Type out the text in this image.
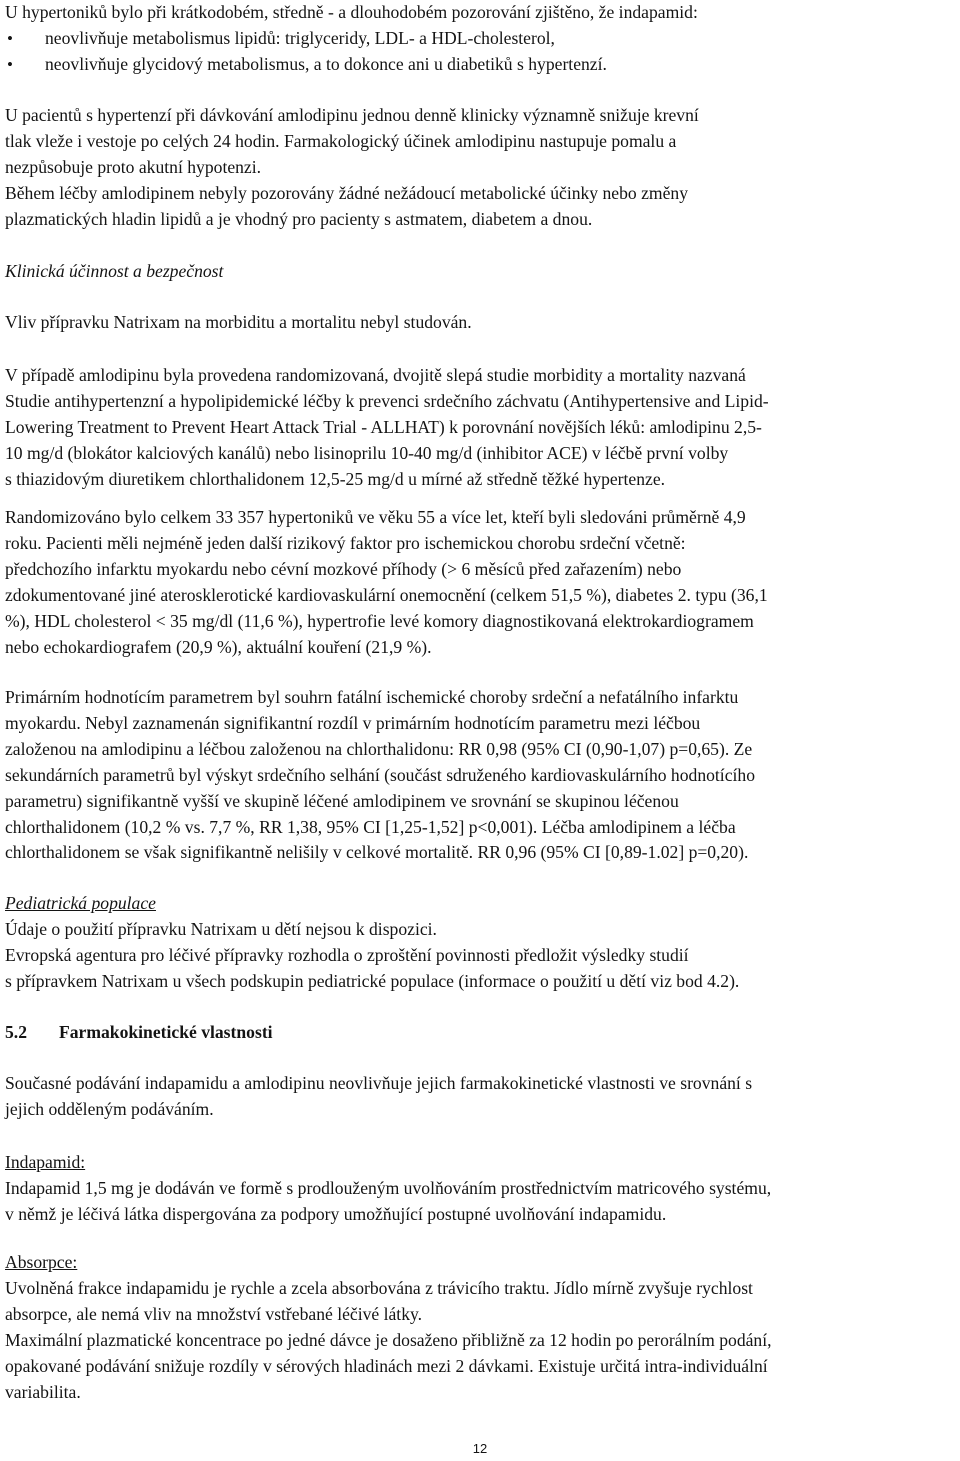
U hypertoniků bylo při krátkodobém, středně - a dlouhodobém pozorování zjištěno, že indapamid:
• neovlivňuje metabolismus lipidů: triglyceridy, LDL- a HDL-cholesterol,
• neovlivňuje glycidový metabolismus, a to dokonce ani u diabetiků s hypertenzí.
U pacientů s hypertenzí při dávkování amlodipinu jednou denně klinicky významně snižuje krevní
tlak vleže i vestoje po celých 24 hodin. Farmakologický účinek amlodipinu nastupuje pomalu a
nezpůsobuje proto akutní hypotenzi.
Během léčby amlodipinem nebyly pozorovány žádné nežádoucí metabolické účinky nebo změny
plazmatických hladin lipidů a je vhodný pro pacienty s astmatem, diabetem a dnou.
Klinická účinnost a bezpečnost
Vliv přípravku Natrixam na morbiditu a mortalitu nebyl studován.
V případě amlodipinu byla provedena randomizovaná, dvojitě slepá studie morbidity a mortality nazvaná
Studie antihypertenzní a hypolipidemické léčby k prevenci srdečního záchvatu (Antihypertensive and Lipid-
Lowering Treatment to Prevent Heart Attack Trial - ALLHAT) k porovnání novějších léků: amlodipinu 2,5-
10 mg/d (blokátor kalciových kanálů) nebo lisinoprilu 10-40 mg/d (inhibitor ACE) v léčbě první volby
s thiazidovým diuretikem chlorthalidonem 12,5-25 mg/d u mírné až středně těžké hypertenze.
Randomizováno bylo celkem 33 357 hypertoniků ve věku 55 a více let, kteří byli sledováni průměrně 4,9
roku. Pacienti měli nejméně jeden další rizikový faktor pro ischemickou chorobu srdeční včetně:
předchozího infarktu myokardu nebo cévní mozkové příhody (> 6 měsíců před zařazením) nebo
zdokumentované jiné aterosklerotické kardiovaskulární onemocnění (celkem 51,5 %), diabetes 2. typu (36,1
%), HDL cholesterol < 35 mg/dl (11,6 %), hypertrofie levé komory diagnostikovaná elektrokardiogramem
nebo echokardiografem (20,9 %), aktuální kouření (21,9 %).
Primárním hodnotícím parametrem byl souhrn fatální ischemické choroby srdeční a nefatálního infarktu
myokardu. Nebyl zaznamenán signifikantní rozdíl v primárním hodnotícím parametru mezi léčbou
založenou na amlodipinu a léčbou založenou na chlorthalidonu: RR 0,98 (95% CI (0,90-1,07) p=0,65). Ze
sekundárních parametrů byl výskyt srdečního selhání (součást sdruženého kardiovaskulárního hodnotícího
parametru) signifikantně vyšší ve skupině léčené amlodipinem ve srovnání se skupinou léčenou
chlorthalidonem (10,2 % vs. 7,7 %, RR 1,38, 95% CI [1,25-1,52] p<0,001). Léčba amlodipinem a léčba
chlorthalidonem se však signifikantně nelišily v celkové mortalitě. RR 0,96 (95% CI [0,89-1.02] p=0,20).
Pediatrická populace
Údaje o použití přípravku Natrixam u dětí nejsou k dispozici.
Evropská agentura pro léčivé přípravky rozhodla o zproštění povinnosti předložit výsledky studií
s přípravkem Natrixam u všech podskupin pediatrické populace (informace o použití u dětí viz bod 4.2).
5.2 Farmakokinetické vlastnosti
Současné podávání indapamidu a amlodipinu neovlivňuje jejich farmakokinetické vlastnosti ve srovnání s
jejich odděleným podáváním.
Indapamid:
Indapamid 1,5 mg je dodáván ve formě s prodlouženým uvolňováním prostřednictvím matricového systému,
v němž je léčivá látka dispergována za podpory umožňující postupné uvolňování indapamidu.
Absorpce:
Uvolněná frakce indapamidu je rychle a zcela absorbována z trávicího traktu. Jídlo mírně zvyšuje rychlost
absorpce, ale nemá vliv na množství vstřebané léčivé látky.
Maximální plazmatické koncentrace po jedné dávce je dosaženo přibližně za 12 hodin po perorálním podání,
opakované podávání snižuje rozdíly v sérových hladinách mezi 2 dávkami. Existuje určitá intra-individuální
variabilita.
12
